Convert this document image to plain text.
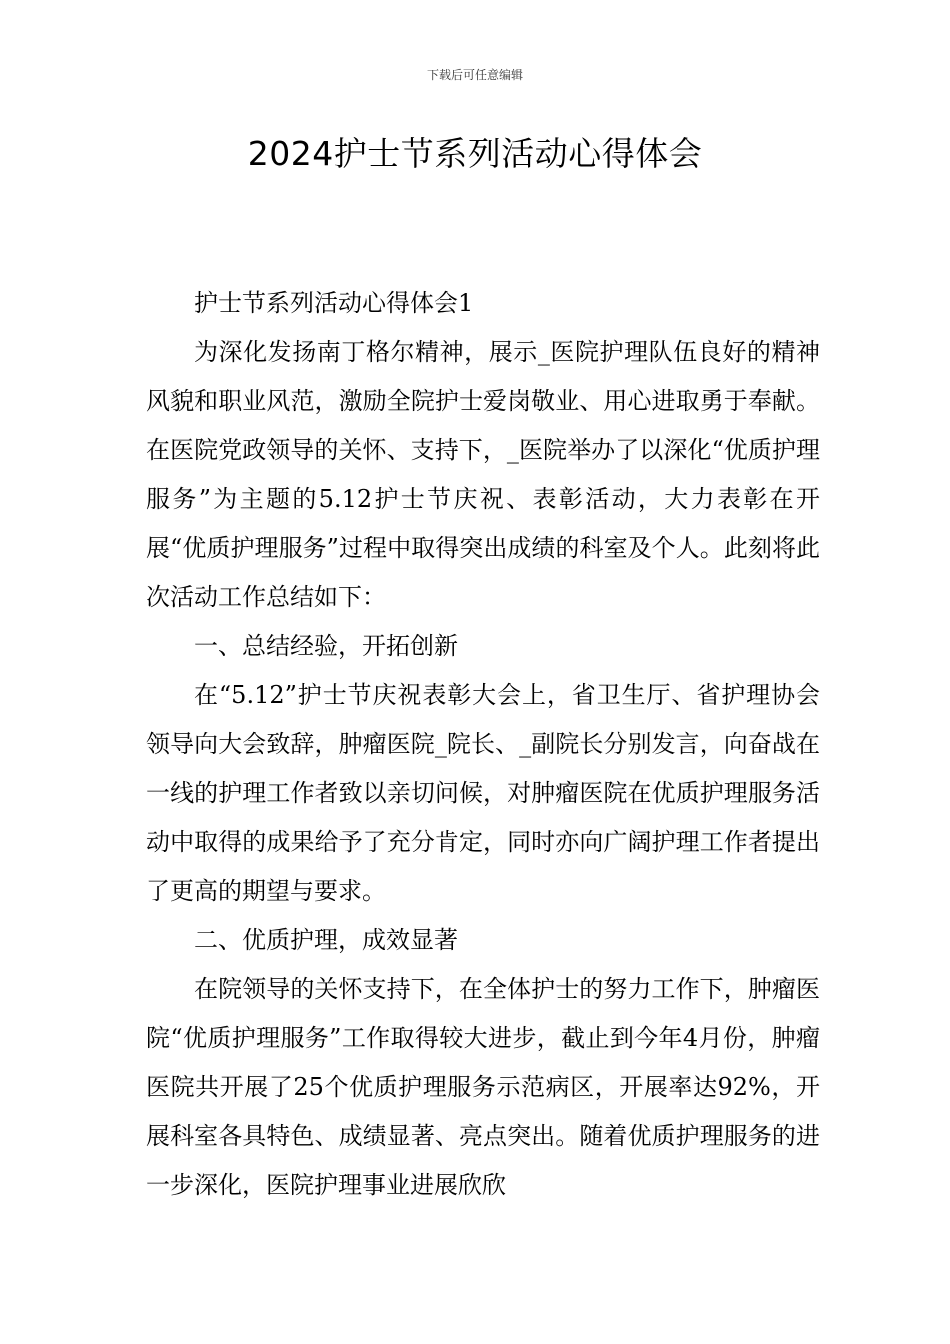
下载后可任意编辑
2024护士节系列活动心得体会

护士节系列活动心得体会1

为深化发扬南丁格尔精神，展示_医院护理队伍良好的精神风貌和职业风范，激励全院护士爱岗敬业、用心进取勇于奉献。在医院党政领导的关怀、支持下，_医院举办了以深化“优质护理服务”为主题的5.12护士节庆祝、表彰活动，大力表彰在开展“优质护理服务”过程中取得突出成绩的科室及个人。此刻将此次活动工作总结如下：

一、总结经验，开拓创新

在“5.12”护士节庆祝表彰大会上，省卫生厅、省护理协会领导向大会致辞，肿瘤医院_院长、_副院长分别发言，向奋战在一线的护理工作者致以亲切问候，对肿瘤医院在优质护理服务活动中取得的成果给予了充分肯定，同时亦向广阔护理工作者提出了更高的期望与要求。

二、优质护理，成效显著

在院领导的关怀支持下，在全体护士的努力工作下，肿瘤医院“优质护理服务”工作取得较大进步，截止到今年4月份，肿瘤医院共开展了25个优质护理服务示范病区，开展率达92%，开展科室各具特色、成绩显著、亮点突出。随着优质护理服务的进一步深化，医院护理事业进展欣欣
